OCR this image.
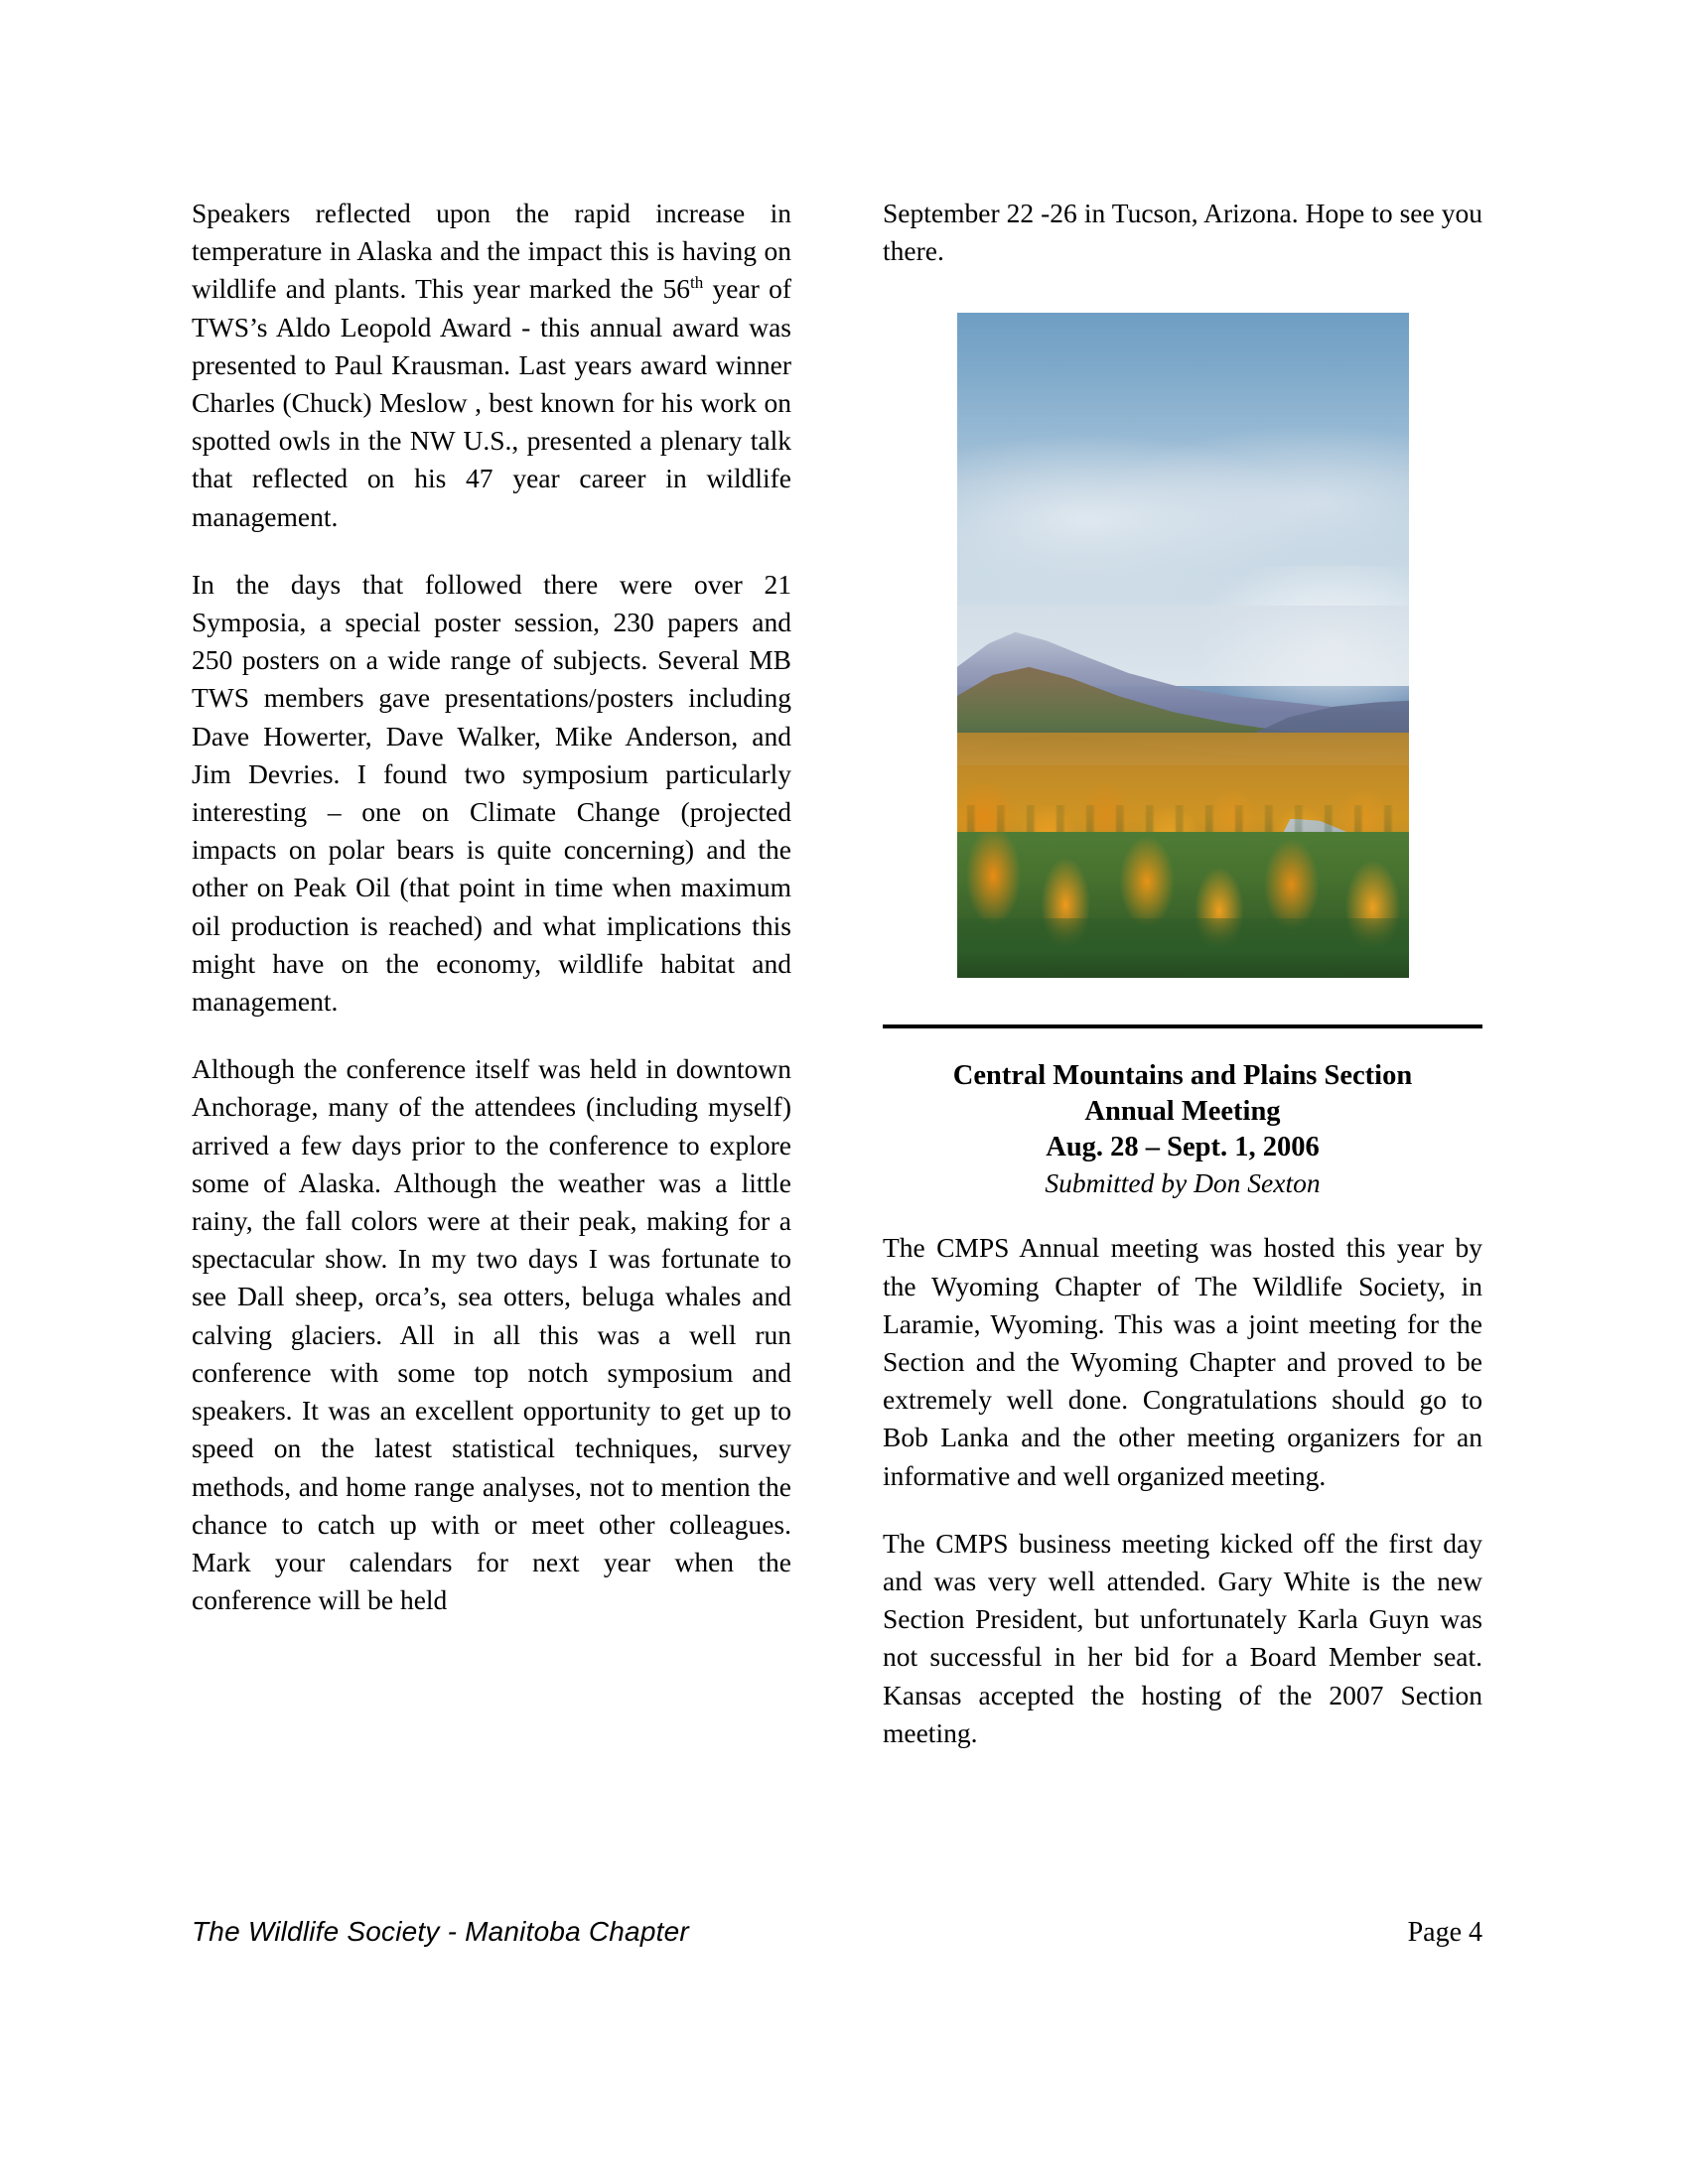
Speakers reflected upon the rapid increase in temperature in Alaska and the impact this is having on wildlife and plants. This year marked the 56th year of TWS’s Aldo Leopold Award - this annual award was presented to Paul Krausman. Last years award winner Charles (Chuck) Meslow , best known for his work on spotted owls in the NW U.S., presented a plenary talk that reflected on his 47 year career in wildlife management.

In the days that followed there were over 21 Symposia, a special poster session, 230 papers and 250 posters on a wide range of subjects. Several MB TWS members gave presentations/posters including Dave Howerter, Dave Walker, Mike Anderson, and Jim Devries. I found two symposium particularly interesting – one on Climate Change (projected impacts on polar bears is quite concerning) and the other on Peak Oil (that point in time when maximum oil production is reached) and what implications this might have on the economy, wildlife habitat and management.

Although the conference itself was held in downtown Anchorage, many of the attendees (including myself) arrived a few days prior to the conference to explore some of Alaska. Although the weather was a little rainy, the fall colors were at their peak, making for a spectacular show. In my two days I was fortunate to see Dall sheep, orca’s, sea otters, beluga whales and calving glaciers. All in all this was a well run conference with some top notch symposium and speakers. It was an excellent opportunity to get up to speed on the latest statistical techniques, survey methods, and home range analyses, not to mention the chance to catch up with or meet other colleagues. Mark your calendars for next year when the conference will be held

September 22 -26 in Tucson, Arizona. Hope to see you there.

Central Mountains and Plains Section

Annual Meeting

Aug. 28 – Sept. 1, 2006

Submitted by Don Sexton

The CMPS Annual meeting was hosted this year by the Wyoming Chapter of The Wildlife Society, in Laramie, Wyoming. This was a joint meeting for the Section and the Wyoming Chapter and proved to be extremely well done. Congratulations should go to Bob Lanka and the other meeting organizers for an informative and well organized meeting.

The CMPS business meeting kicked off the first day and was very well attended. Gary White is the new Section President, but unfortunately Karla Guyn was not successful in her bid for a Board Member seat. Kansas accepted the hosting of the 2007 Section meeting.

The Wildlife Society - Manitoba Chapter	Page 4
